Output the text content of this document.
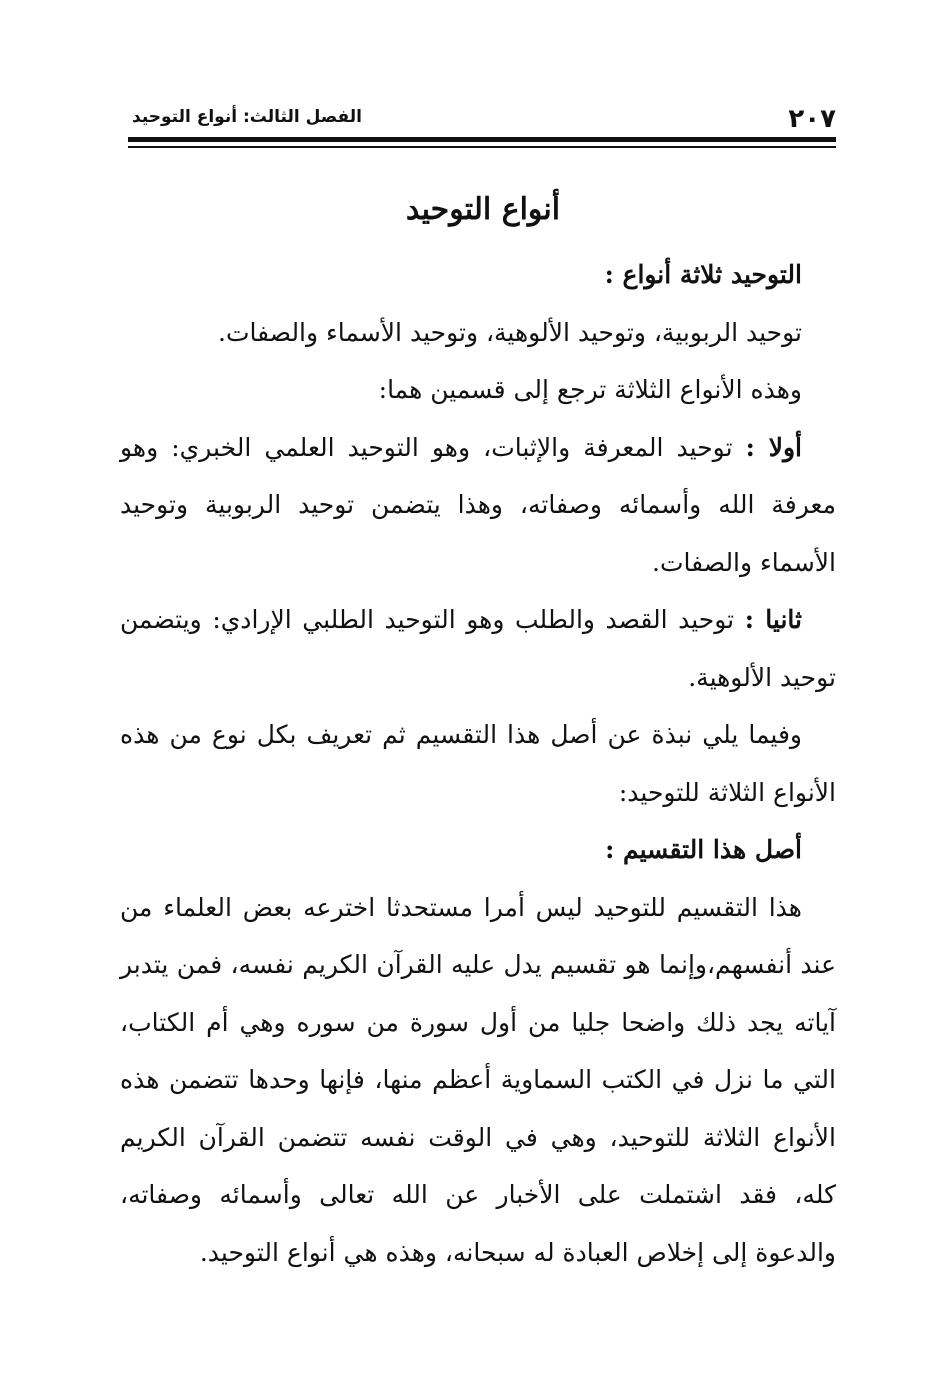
٢٠٧
الفصل الثالث: أنواع التوحيد
أنواع التوحيد

التوحيد ثلاثة أنواع :

توحيد الربوبية، وتوحيد الألوهية، وتوحيد الأسماء والصفات.

وهذه الأنواع الثلاثة ترجع إلى قسمين هما:

أولا : توحيد المعرفة والإثبات، وهو التوحيد العلمي الخبري: وهو معرفة الله وأسمائه وصفاته، وهذا يتضمن توحيد الربوبية وتوحيد الأسماء والصفات.

ثانيا : توحيد القصد والطلب وهو التوحيد الطلبي الإرادي: ويتضمن توحيد الألوهية.

وفيما يلي نبذة عن أصل هذا التقسيم ثم تعريف بكل نوع من هذه الأنواع الثلاثة للتوحيد:

أصل هذا التقسيم :

هذا التقسيم للتوحيد ليس أمرا مستحدثا اخترعه بعض العلماء من عند أنفسهم،وإنما هو تقسيم يدل عليه القرآن الكريم نفسه، فمن يتدبر آياته يجد ذلك واضحا جليا من أول سورة من سوره وهي أم الكتاب، التي ما نزل في الكتب السماوية أعظم منها، فإنها وحدها تتضمن هذه الأنواع الثلاثة للتوحيد، وهي في الوقت نفسه تتضمن القرآن الكريم كله، فقد اشتملت على الأخبار عن الله تعالى وأسمائه وصفاته، والدعوة إلى إخلاص العبادة له سبحانه، وهذه هي أنواع التوحيد.
